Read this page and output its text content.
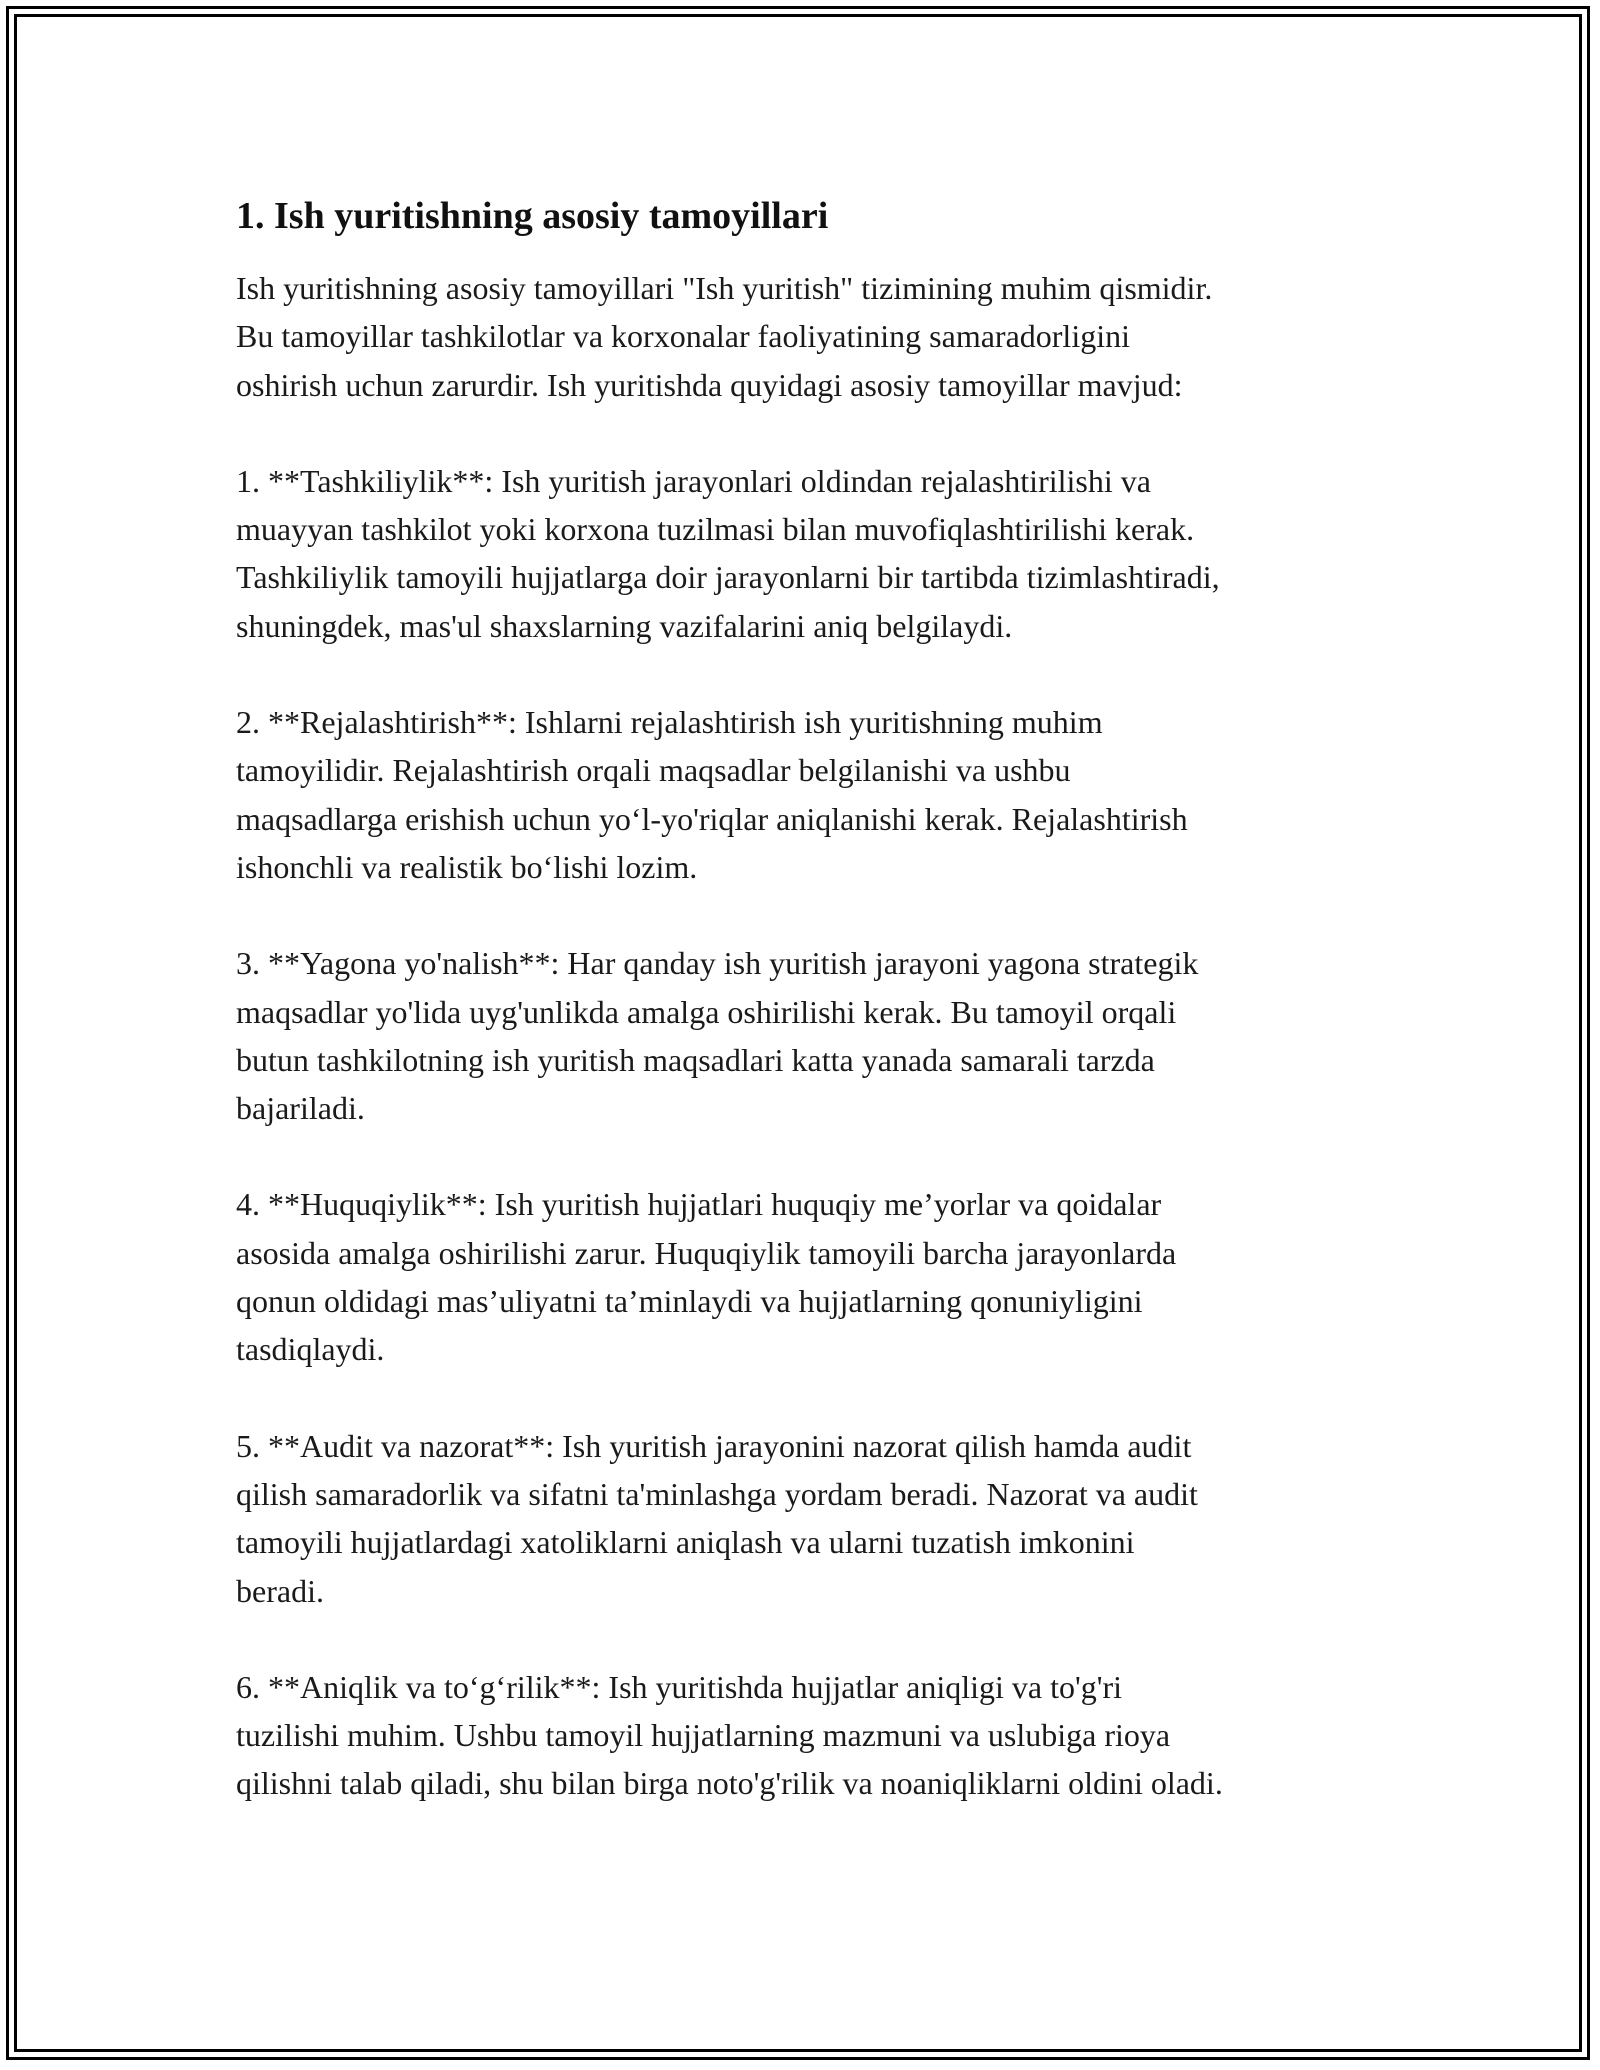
1. Ish yuritishning asosiy tamoyillari

Ish yuritishning asosiy tamoyillari "Ish yuritish" tizimining muhim qismidir.
Bu tamoyillar tashkilotlar va korxonalar faoliyatining samaradorligini
oshirish uchun zarurdir. Ish yuritishda quyidagi asosiy tamoyillar mavjud:

1. **Tashkiliylik**: Ish yuritish jarayonlari oldindan rejalashtirilishi va
muayyan tashkilot yoki korxona tuzilmasi bilan muvofiqlashtirilishi kerak.
Tashkiliylik tamoyili hujjatlarga doir jarayonlarni bir tartibda tizimlashtiradi,
shuningdek, mas'ul shaxslarning vazifalarini aniq belgilaydi.

2. **Rejalashtirish**: Ishlarni rejalashtirish ish yuritishning muhim
tamoyilidir. Rejalashtirish orqali maqsadlar belgilanishi va ushbu
maqsadlarga erishish uchun yo‘l-yo'riqlar aniqlanishi kerak. Rejalashtirish
ishonchli va realistik bo‘lishi lozim.

3. **Yagona yo'nalish**: Har qanday ish yuritish jarayoni yagona strategik
maqsadlar yo'lida uyg'unlikda amalga oshirilishi kerak. Bu tamoyil orqali
butun tashkilotning ish yuritish maqsadlari katta yanada samarali tarzda
bajariladi.

4. **Huquqiylik**: Ish yuritish hujjatlari huquqiy me’yorlar va qoidalar
asosida amalga oshirilishi zarur. Huquqiylik tamoyili barcha jarayonlarda
qonun oldidagi mas’uliyatni ta’minlaydi va hujjatlarning qonuniyligini
tasdiqlaydi.

5. **Audit va nazorat**: Ish yuritish jarayonini nazorat qilish hamda audit
qilish samaradorlik va sifatni ta'minlashga yordam beradi. Nazorat va audit
tamoyili hujjatlardagi xatoliklarni aniqlash va ularni tuzatish imkonini
beradi.

6. **Aniqlik va to‘g‘rilik**: Ish yuritishda hujjatlar aniqligi va to'g'ri
tuzilishi muhim. Ushbu tamoyil hujjatlarning mazmuni va uslubiga rioya
qilishni talab qiladi, shu bilan birga noto'g'rilik va noaniqliklarni oldini oladi.
